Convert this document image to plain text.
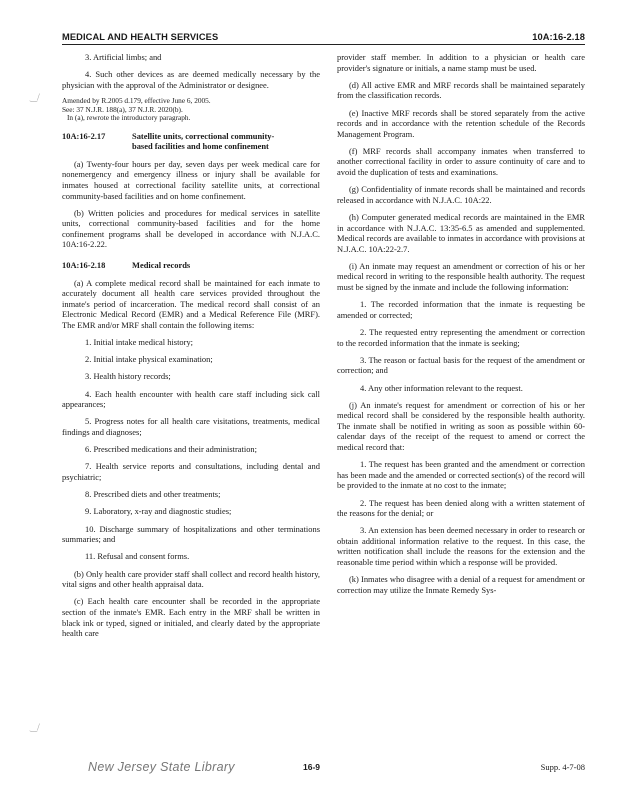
MEDICAL AND HEALTH SERVICES	10A:16-2.18
‿/
‿/

3. Artificial limbs; and

4. Such other devices as are deemed medically necessary by the physician with the approval of the Administrator or designee.

Amended by R.2005 d.179, effective June 6, 2005.
See: 37 N.J.R. 188(a), 37 N.J.R. 2020(b).
In (a), rewrote the introductory paragraph.
10A:16-2.17	Satellite units, correctional community-
based facilities and home confinement

(a) Twenty-four hours per day, seven days per week medical care for nonemergency and emergency illness or injury shall be available for inmates housed at correctional facility satellite units, at correctional community-based facilities and on home confinement.

(b) Written policies and procedures for medical services in satellite units, correctional community-based facilities and for the home confinement programs shall be developed in accordance with N.J.A.C. 10A:16-2.22.

10A:16-2.18	Medical records

(a) A complete medical record shall be maintained for each inmate to accurately document all health care services provided throughout the inmate's period of incarceration. The medical record shall consist of an Electronic Medical Record (EMR) and a Medical Reference File (MRF). The EMR and/or MRF shall contain the following items:

1. Initial intake medical history;

2. Initial intake physical examination;

3. Health history records;

4. Each health encounter with health care staff including sick call appearances;

5. Progress notes for all health care visitations, treatments, medical findings and diagnoses;

6. Prescribed medications and their administration;

7. Health service reports and consultations, including dental and psychiatric;

8. Prescribed diets and other treatments;

9. Laboratory, x-ray and diagnostic studies;

10. Discharge summary of hospitalizations and other terminations summaries; and

11. Refusal and consent forms.

(b) Only health care provider staff shall collect and record health history, vital signs and other health appraisal data.

(c) Each health care encounter shall be recorded in the appropriate section of the inmate's EMR. Each entry in the MRF shall be written in black ink or typed, signed or initialed, and clearly dated by the appropriate health care

provider staff member. In addition to a physician or health care provider's signature or initials, a name stamp must be used.

(d) All active EMR and MRF records shall be maintained separately from the classification records.

(e) Inactive MRF records shall be stored separately from the active records and in accordance with the retention schedule of the Records Management Program.

(f) MRF records shall accompany inmates when transferred to another correctional facility in order to assure continuity of care and to avoid the duplication of tests and examinations.

(g) Confidentiality of inmate records shall be maintained and records released in accordance with N.J.A.C. 10A:22.

(h) Computer generated medical records are maintained in the EMR in accordance with N.J.A.C. 13:35-6.5 as amended and supplemented. Medical records are available to inmates in accordance with provisions at N.J.A.C. 10A:22-2.7.

(i) An inmate may request an amendment or correction of his or her medical record in writing to the responsible health authority. The request must be signed by the inmate and include the following information:

1. The recorded information that the inmate is requesting be amended or corrected;

2. The requested entry representing the amendment or correction to the recorded information that the inmate is seeking;

3. The reason or factual basis for the request of the amendment or correction; and

4. Any other information relevant to the request.

(j) An inmate's request for amendment or correction of his or her medical record shall be considered by the responsible health authority. The inmate shall be notified in writing as soon as possible within 60-calendar days of the receipt of the request to amend or correct the medical record that:

1. The request has been granted and the amendment or correction has been made and the amended or corrected section(s) of the record will be provided to the inmate at no cost to the inmate;

2. The request has been denied along with a written statement of the reasons for the denial; or

3. An extension has been deemed necessary in order to research or obtain additional information relative to the request. In this case, the written notification shall include the reasons for the extension and the reasonable time period within which a response will be provided.

(k) Inmates who disagree with a denial of a request for amendment or correction may utilize the Inmate Remedy Sys-

New Jersey State Library	16-9	Supp. 4-7-08
